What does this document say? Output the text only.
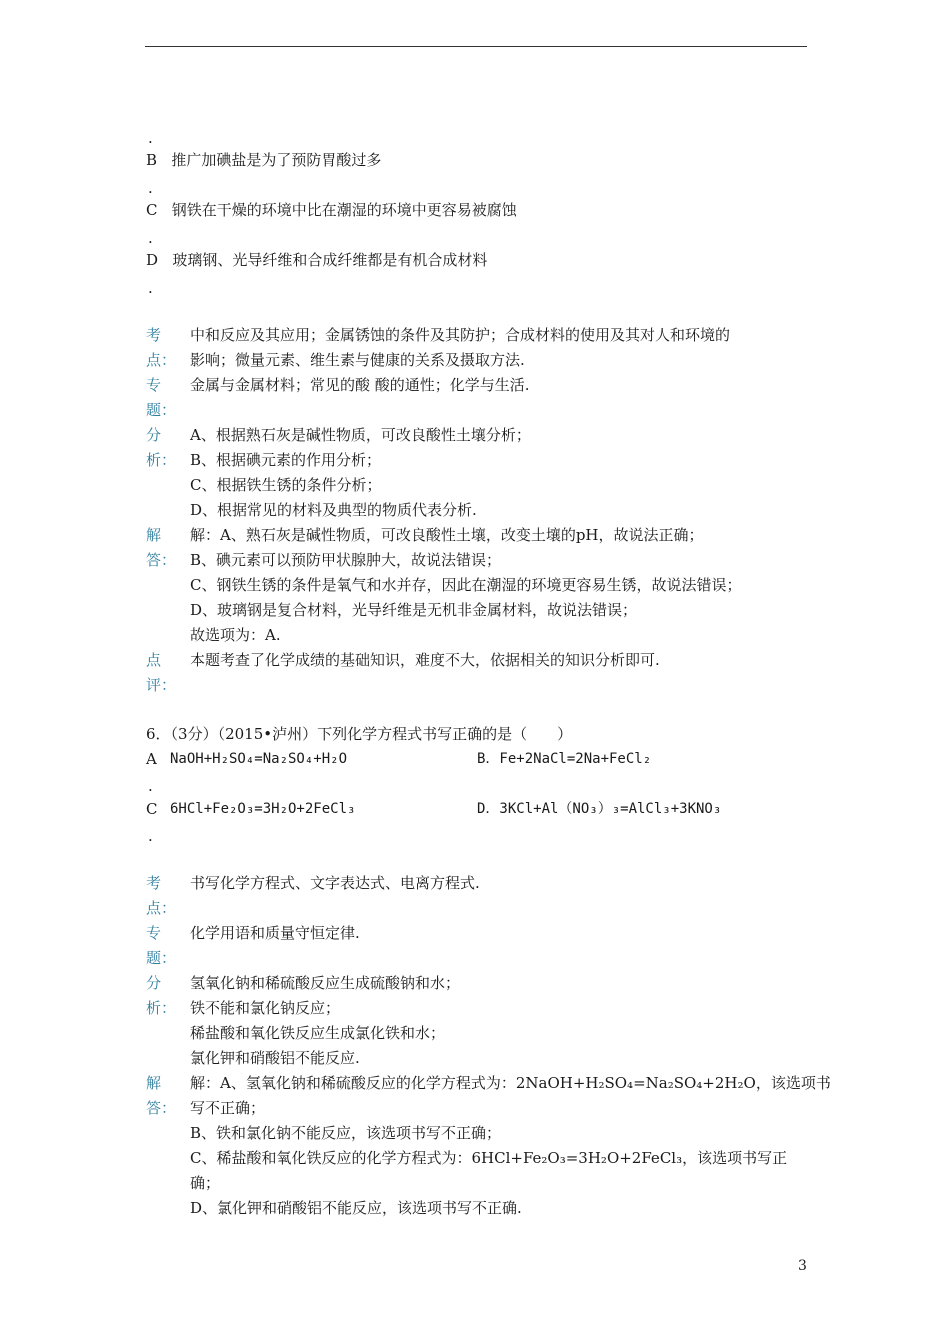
.
B 推广加碘盐是为了预防胃酸过多
.
C 钢铁在干燥的环境中比在潮湿的环境中更容易被腐蚀
.
D 玻璃钢、光导纤维和合成纤维都是有机合成材料
.
考
点：
中和反应及其应用；金属锈蚀的条件及其防护；合成材料的使用及其对人和环境的
影响；微量元素、维生素与健康的关系及摄取方法.
专
题：
金属与金属材料；常见的酸 酸的通性；化学与生活.
分
析：
A、根据熟石灰是碱性物质，可改良酸性土壤分析；
B、根据碘元素的作用分析；
C、根据铁生锈的条件分析；
D、根据常见的材料及典型的物质代表分析.
解
答：
解：A、熟石灰是碱性物质，可改良酸性土壤，改变土壤的pH，故说法正确；
B、碘元素可以预防甲状腺肿大，故说法错误；
C、钢铁生锈的条件是氧气和水并存，因此在潮湿的环境更容易生锈，故说法错误；
D、玻璃钢是复合材料，光导纤维是无机非金属材料，故说法错误；
故选项为：A.
点
评：
本题考查了化学成绩的基础知识，难度不大，依据相关的知识分析即可.
6．（3分）（2015•泸州）下列化学方程式书写正确的是（　　）
A NaOH+H₂SO₄=Na₂SO₄+H₂O	B．Fe+2NaCl=2Na+FeCl₂
.
C 6HCl+Fe₂O₃=3H₂O+2FeCl₃	D．3KCl+Al（NO₃）₃=AlCl₃+3KNO₃
.
考
点：
书写化学方程式、文字表达式、电离方程式.
专
题：
化学用语和质量守恒定律.
分
析：
氢氧化钠和稀硫酸反应生成硫酸钠和水；
铁不能和氯化钠反应；
稀盐酸和氧化铁反应生成氯化铁和水；
氯化钾和硝酸铝不能反应.
解
答：
解：A、氢氧化钠和稀硫酸反应的化学方程式为：2NaOH+H₂SO₄=Na₂SO₄+2H₂O，该选项书
写不正确；
B、铁和氯化钠不能反应，该选项书写不正确；
C、稀盐酸和氧化铁反应的化学方程式为：6HCl+Fe₂O₃=3H₂O+2FeCl₃，该选项书写正
确；
D、氯化钾和硝酸铝不能反应，该选项书写不正确.
3
